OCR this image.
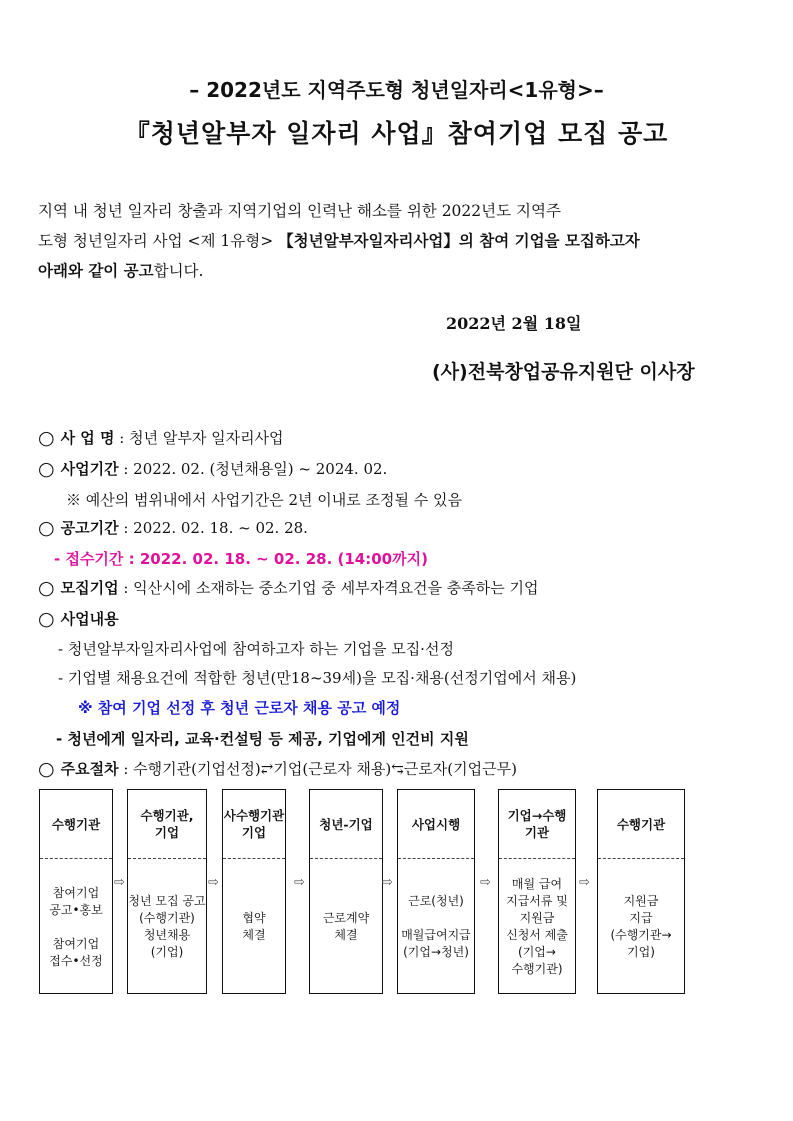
– 2022년도 지역주도형 청년일자리<1유형>–
『청년알부자 일자리 사업』참여기업 모집 공고
지역 내 청년 일자리 창출과 지역기업의 인력난 해소를 위한 2022년도 지역주
도형 청년일자리 사업 <제 1유형> 【청년알부자일자리사업】의 참여 기업을 모집하고자
아래와 같이 공고합니다.
2022년 2월 18일
(사)전북창업공유지원단 이사장
○ 사 업 명 : 청년 알부자 일자리사업
○ 사업기간 : 2022. 02. (청년채용일) ~ 2024. 02.
※ 예산의 범위내에서 사업기간은 2년 이내로 조정될 수 있음
○ 공고기간 : 2022. 02. 18. ~ 02. 28.
- 접수기간 : 2022. 02. 18. ~ 02. 28. (14:00까지)
○ 모집기업 : 익산시에 소재하는 중소기업 중 세부자격요건을 충족하는 기업
○ 사업내용
- 청년알부자일자리사업에 참여하고자 하는 기업을 모집·선정
- 기업별 채용요건에 적합한 청년(만18~39세)을 모집·채용(선정기업에서 채용)
※ 참여 기업 선정 후 청년 근로자 채용 공고 예정
- 청년에게 일자리, 교육·컨설팅 등 제공, 기업에게 인건비 지원
○ 주요절차 : 수행기관(기업선정)⥂기업(근로자 채용)⥃근로자(기업근무)
수행기관
참여기업
공고•홍보
참여기업
접수•선정
⇨
수행기관,
기업
청년 모집 공고
(수행기관)
청년채용
(기업)
⇨
사수행기관
기업
협약
체결
⇨
청년-기업
근로계약
체결
⇨
사업시행
근로(청년)
매월급여지급
(기업→청년)
⇨
기업→수행
기관
매월 급여
지급서류 및
지원금
신청서 제출
(기업→
수행기관)
⇨
수행기관
지원금
지급
(수행기관→
기업)
